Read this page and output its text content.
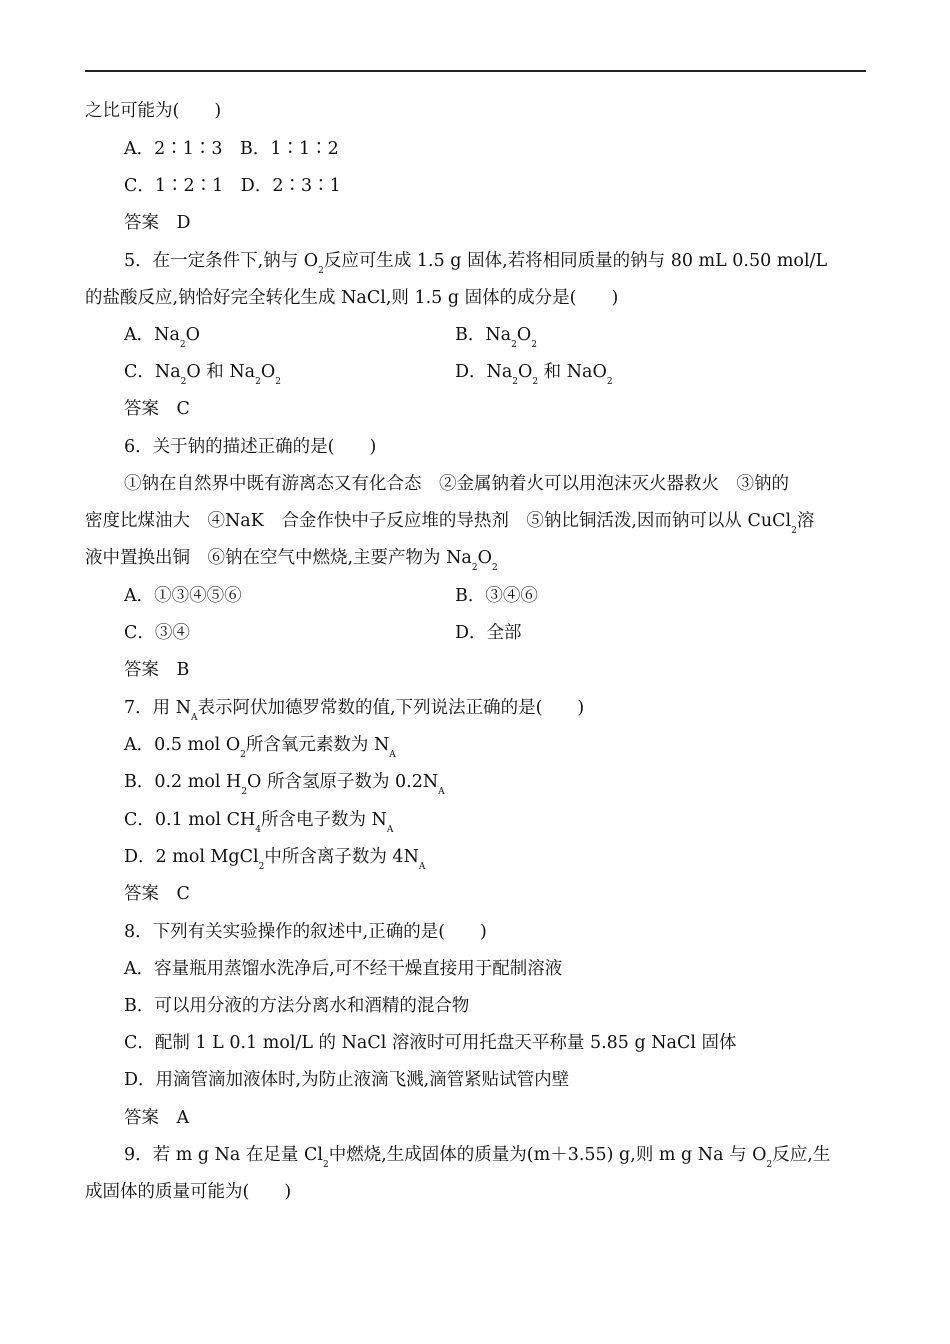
之比可能为(　　)
A．2∶1∶3　B．1∶1∶2
C．1∶2∶1　D．2∶3∶1
答案　D
5．在一定条件下,钠与 $O_2$反应可生成 1.5 g 固体,若将相同质量的钠与 80 mL 0.50 mol/L
的盐酸反应,钠恰好完全转化生成 NaCl,则 1.5 g 固体的成分是(　　)
A．$Na_2O$	B．$Na_2O_2$
C．$Na_2O$ 和 $Na_2O_2$	D．$Na_2O_2$ 和 NaO$_2$
答案　C
6．关于钠的描述正确的是(　　)
①钠在自然界中既有游离态又有化合态　②金属钠着火可以用泡沫灭火器救火　③钠的
密度比煤油大　④NaK　合金作快中子反应堆的导热剂　⑤钠比铜活泼,因而钠可以从 CuCl$_2$溶
液中置换出铜　⑥钠在空气中燃烧,主要产物为 $Na_2O_2$
A．①③④⑤⑥	B．③④⑥
C．③④	D．全部
答案　B
7．用 $N_A$表示阿伏加德罗常数的值,下列说法正确的是(　　)
A．0.5 mol $O_2$所含氧元素数为 $N_A$
B．0.2 mol $H_2O$ 所含氢原子数为 $0.2N_A$
C．0.1 mol $CH_4$所含电子数为 $N_A$
D．2 mol MgCl$_2$中所含离子数为 $4N_A$
答案　C
8．下列有关实验操作的叙述中,正确的是(　　)
A．容量瓶用蒸馏水洗净后,可不经干燥直接用于配制溶液
B．可以用分液的方法分离水和酒精的混合物
C．配制 1 L 0.1 mol/L 的 NaCl 溶液时可用托盘天平称量 5.85 g NaCl 固体
D．用滴管滴加液体时,为防止液滴飞溅,滴管紧贴试管内壁
答案　A
9．若 m g Na 在足量 $Cl_2$中燃烧,生成固体的质量为(m＋3.55) g,则 m g Na 与 $O_2$反应,生
成固体的质量可能为(　　)
